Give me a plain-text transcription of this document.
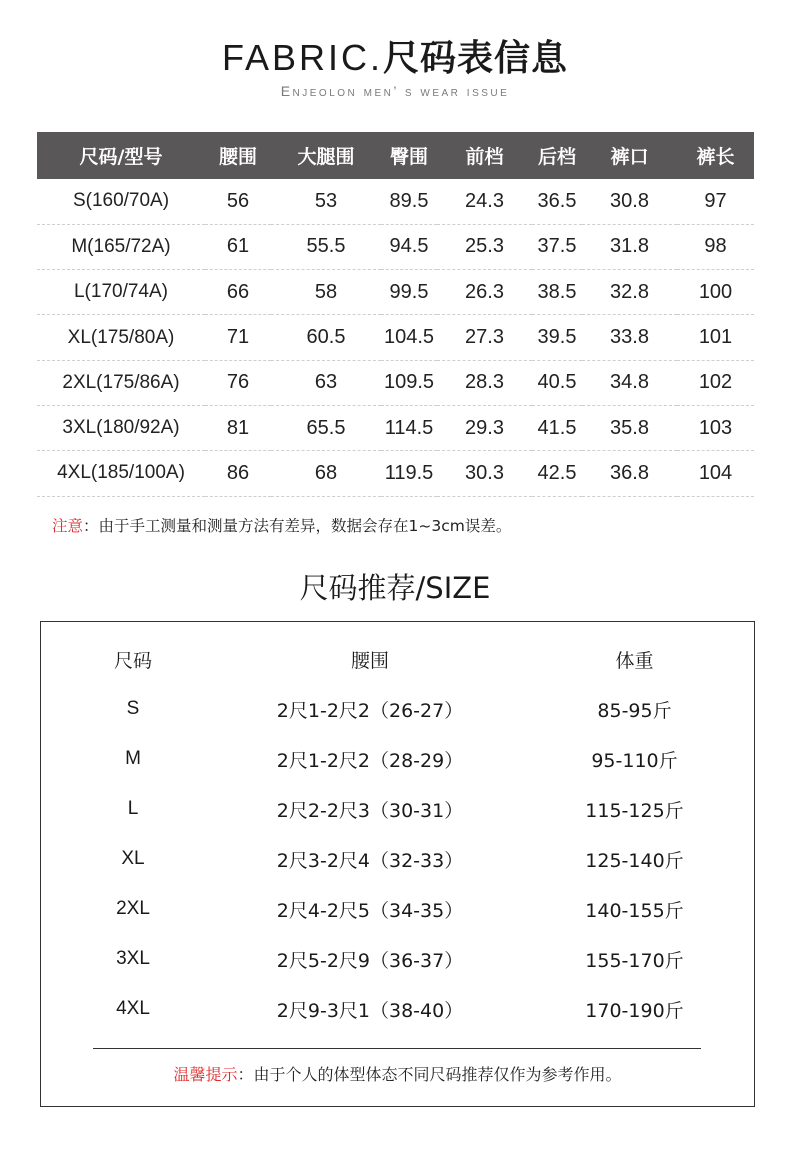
FABRIC.尺码表信息
Enjeolon men’ s wear issue
尺码/型号	腰围	大腿围	臀围	前档	后档	裤口	裤长
S(160/70A)	56	53	89.5	24.3	36.5	30.8	97
M(165/72A)	61	55.5	94.5	25.3	37.5	31.8	98
L(170/74A)	66	58	99.5	26.3	38.5	32.8	100
XL(175/80A)	71	60.5	104.5	27.3	39.5	33.8	101
2XL(175/86A)	76	63	109.5	28.3	40.5	34.8	102
3XL(180/92A)	81	65.5	114.5	29.3	41.5	35.8	103
4XL(185/100A)	86	68	119.5	30.3	42.5	36.8	104
注意：由于手工测量和测量方法有差异，数据会存在1~3cm误差。
尺码推荐/SIZE
尺码	腰围	体重
S	2尺1-2尺2（26-27）	85-95斤
M	2尺1-2尺2（28-29）	95-110斤
L	2尺2-2尺3（30-31）	115-125斤
XL	2尺3-2尺4（32-33）	125-140斤
2XL	2尺4-2尺5（34-35）	140-155斤
3XL	2尺5-2尺9（36-37）	155-170斤
4XL	2尺9-3尺1（38-40）	170-190斤
温馨提示：由于个人的体型体态不同尺码推荐仅作为参考作用。
